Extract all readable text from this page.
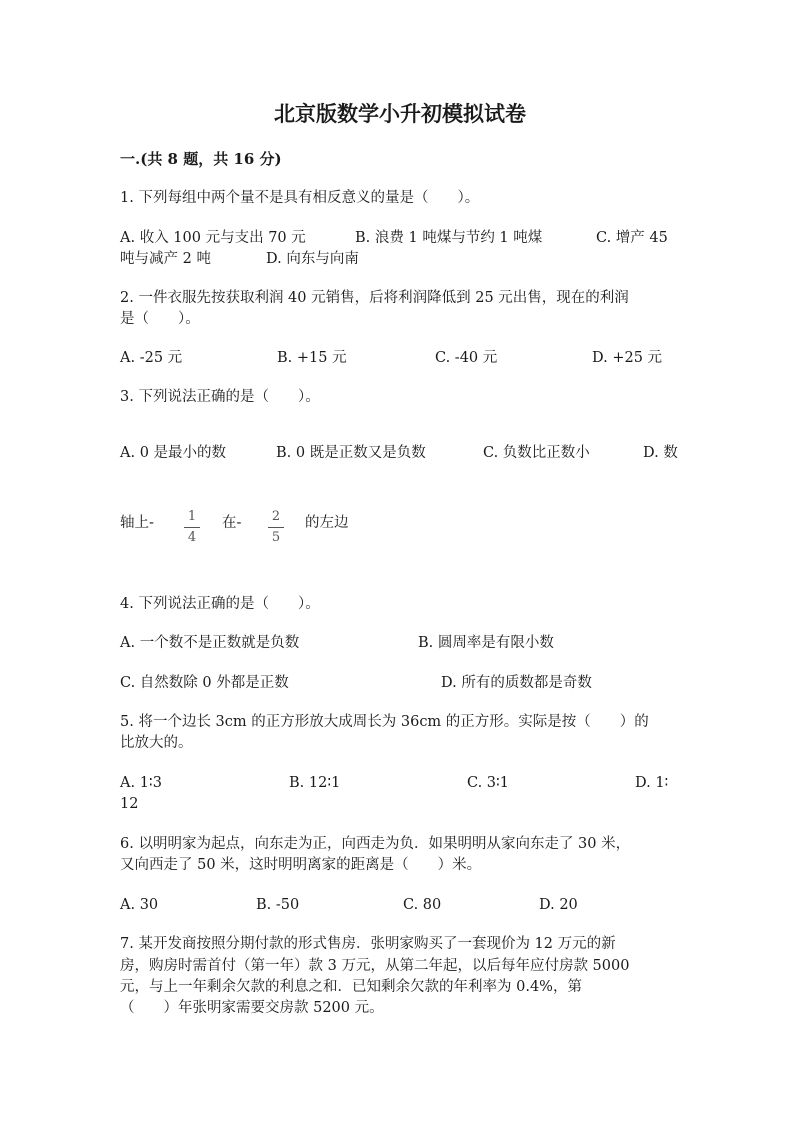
北京版数学小升初模拟试卷
一.(共 8 题，共 16 分)
1. 下列每组中两个量不是具有相反意义的量是（　　）。
A. 收入 100 元与支出 70 元	B. 浪费 1 吨煤与节约 1 吨煤	C. 增产 45
吨与减产 2 吨	D. 向东与向南
2. 一件衣服先按获取利润 40 元销售，后将利润降低到 25 元出售，现在的利润
是（　　）。
A. -25 元	B. +15 元	C. -40 元	D. +25 元
3. 下列说法正确的是（　　）。
A. 0 是最小的数	B. 0 既是正数又是负数	C. 负数比正数小	D. 数
轴上-	1
4
在-	2
5
的左边
4. 下列说法正确的是（　　）。
A. 一个数不是正数就是负数	B. 圆周率是有限小数
C. 自然数除 0 外都是正数	D. 所有的质数都是奇数
5. 将一个边长 3cm 的正方形放大成周长为 36cm 的正方形。实际是按（　　）的
比放大的。
A. 1∶3	B. 12∶1	C. 3∶1	D. 1∶
12
6. 以明明家为起点，向东走为正，向西走为负．如果明明从家向东走了 30 米，
又向西走了 50 米，这时明明离家的距离是（　　）米。
A. 30	B. -50	C. 80	D. 20
7. 某开发商按照分期付款的形式售房．张明家购买了一套现价为 12 万元的新
房，购房时需首付（第一年）款 3 万元，从第二年起，以后每年应付房款 5000
元，与上一年剩余欠款的利息之和．已知剩余欠款的年利率为 0.4%，第
（　　）年张明家需要交房款 5200 元。
